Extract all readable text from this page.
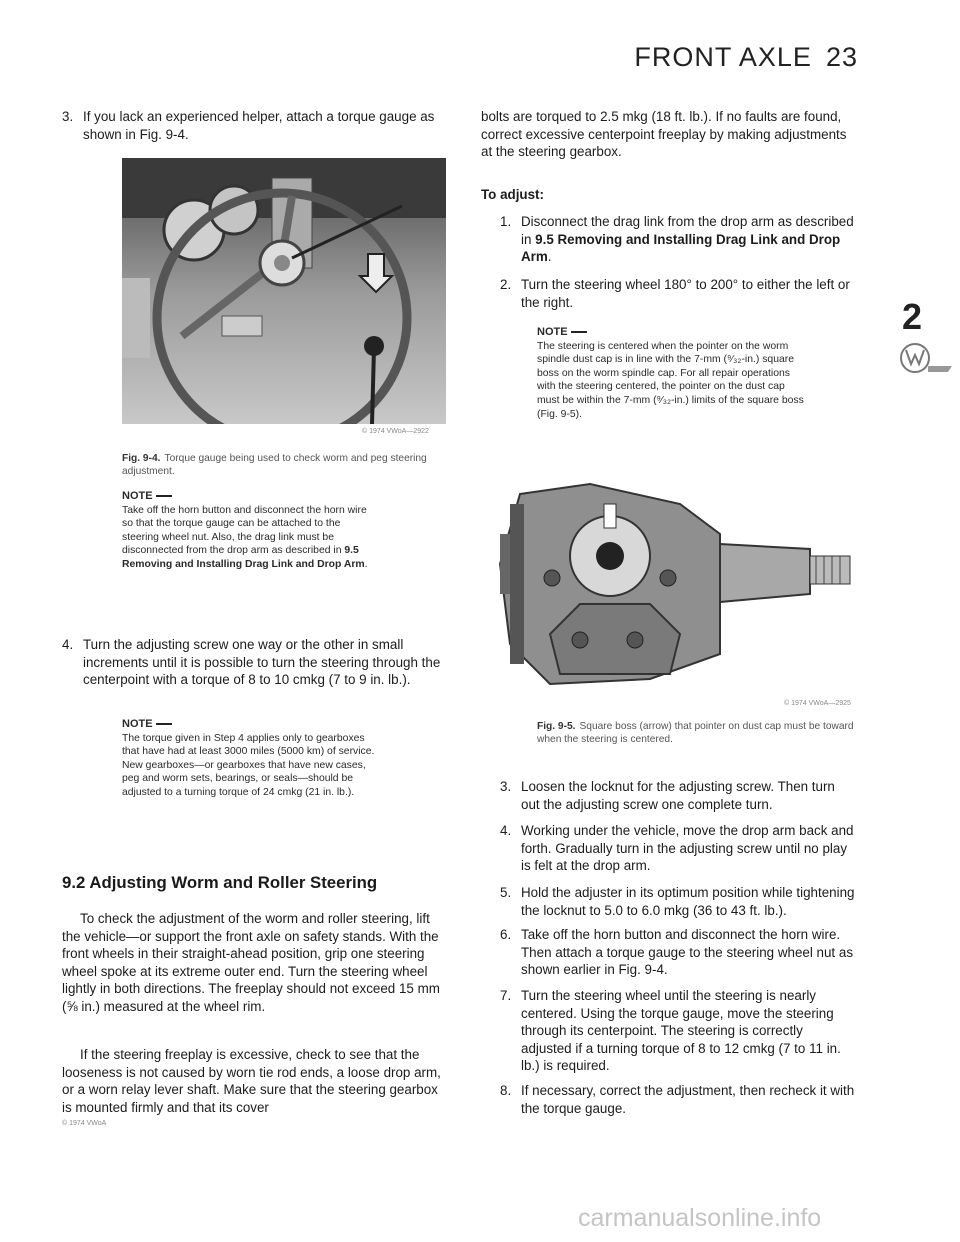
FRONT AXLE 23
2
3. If you lack an experienced helper, attach a torque gauge as shown in Fig. 9-4.
© 1974 VWoA—2922
Fig. 9-4. Torque gauge being used to check worm and peg steering adjustment.
NOTE
Take off the horn button and disconnect the horn wire so that the torque gauge can be attached to the steering wheel nut. Also, the drag link must be disconnected from the drop arm as described in 9.5 Removing and Installing Drag Link and Drop Arm.
4. Turn the adjusting screw one way or the other in small increments until it is possible to turn the steering through the centerpoint with a torque of 8 to 10 cmkg (7 to 9 in. lb.).
NOTE
The torque given in Step 4 applies only to gearboxes that have had at least 3000 miles (5000 km) of service. New gearboxes—or gearboxes that have new cases, peg and worm sets, bearings, or seals—should be adjusted to a turning torque of 24 cmkg (21 in. lb.).
9.2 Adjusting Worm and Roller Steering
To check the adjustment of the worm and roller steering, lift the vehicle—or support the front axle on safety stands. With the front wheels in their straight-ahead position, grip one steering wheel spoke at its extreme outer end. Turn the steering wheel lightly in both directions. The freeplay should not exceed 15 mm (⅝ in.) measured at the wheel rim.
If the steering freeplay is excessive, check to see that the looseness is not caused by worn tie rod ends, a loose drop arm, or a worn relay lever shaft. Make sure that the steering gearbox is mounted firmly and that its cover
© 1974 VWoA
bolts are torqued to 2.5 mkg (18 ft. lb.). If no faults are found, correct excessive centerpoint freeplay by making adjustments at the steering gearbox.
To adjust:
1. Disconnect the drag link from the drop arm as described in 9.5 Removing and Installing Drag Link and Drop Arm.
2. Turn the steering wheel 180° to 200° to either the left or the right.
NOTE
The steering is centered when the pointer on the worm spindle dust cap is in line with the 7-mm (⁹⁄₃₂-in.) square boss on the worm spindle cap. For all repair operations with the steering centered, the pointer on the dust cap must be within the 7-mm (⁹⁄₃₂-in.) limits of the square boss (Fig. 9-5).
© 1974 VWoA—2925
Fig. 9-5. Square boss (arrow) that pointer on dust cap must be toward when the steering is centered.
3. Loosen the locknut for the adjusting screw. Then turn out the adjusting screw one complete turn.
4. Working under the vehicle, move the drop arm back and forth. Gradually turn in the adjusting screw until no play is felt at the drop arm.
5. Hold the adjuster in its optimum position while tightening the locknut to 5.0 to 6.0 mkg (36 to 43 ft. lb.).
6. Take off the horn button and disconnect the horn wire. Then attach a torque gauge to the steering wheel nut as shown earlier in Fig. 9-4.
7. Turn the steering wheel until the steering is nearly centered. Using the torque gauge, move the steering through its centerpoint. The steering is correctly adjusted if a turning torque of 8 to 12 cmkg (7 to 11 in. lb.) is required.
8. If necessary, correct the adjustment, then recheck it with the torque gauge.
carmanualsonline.info
